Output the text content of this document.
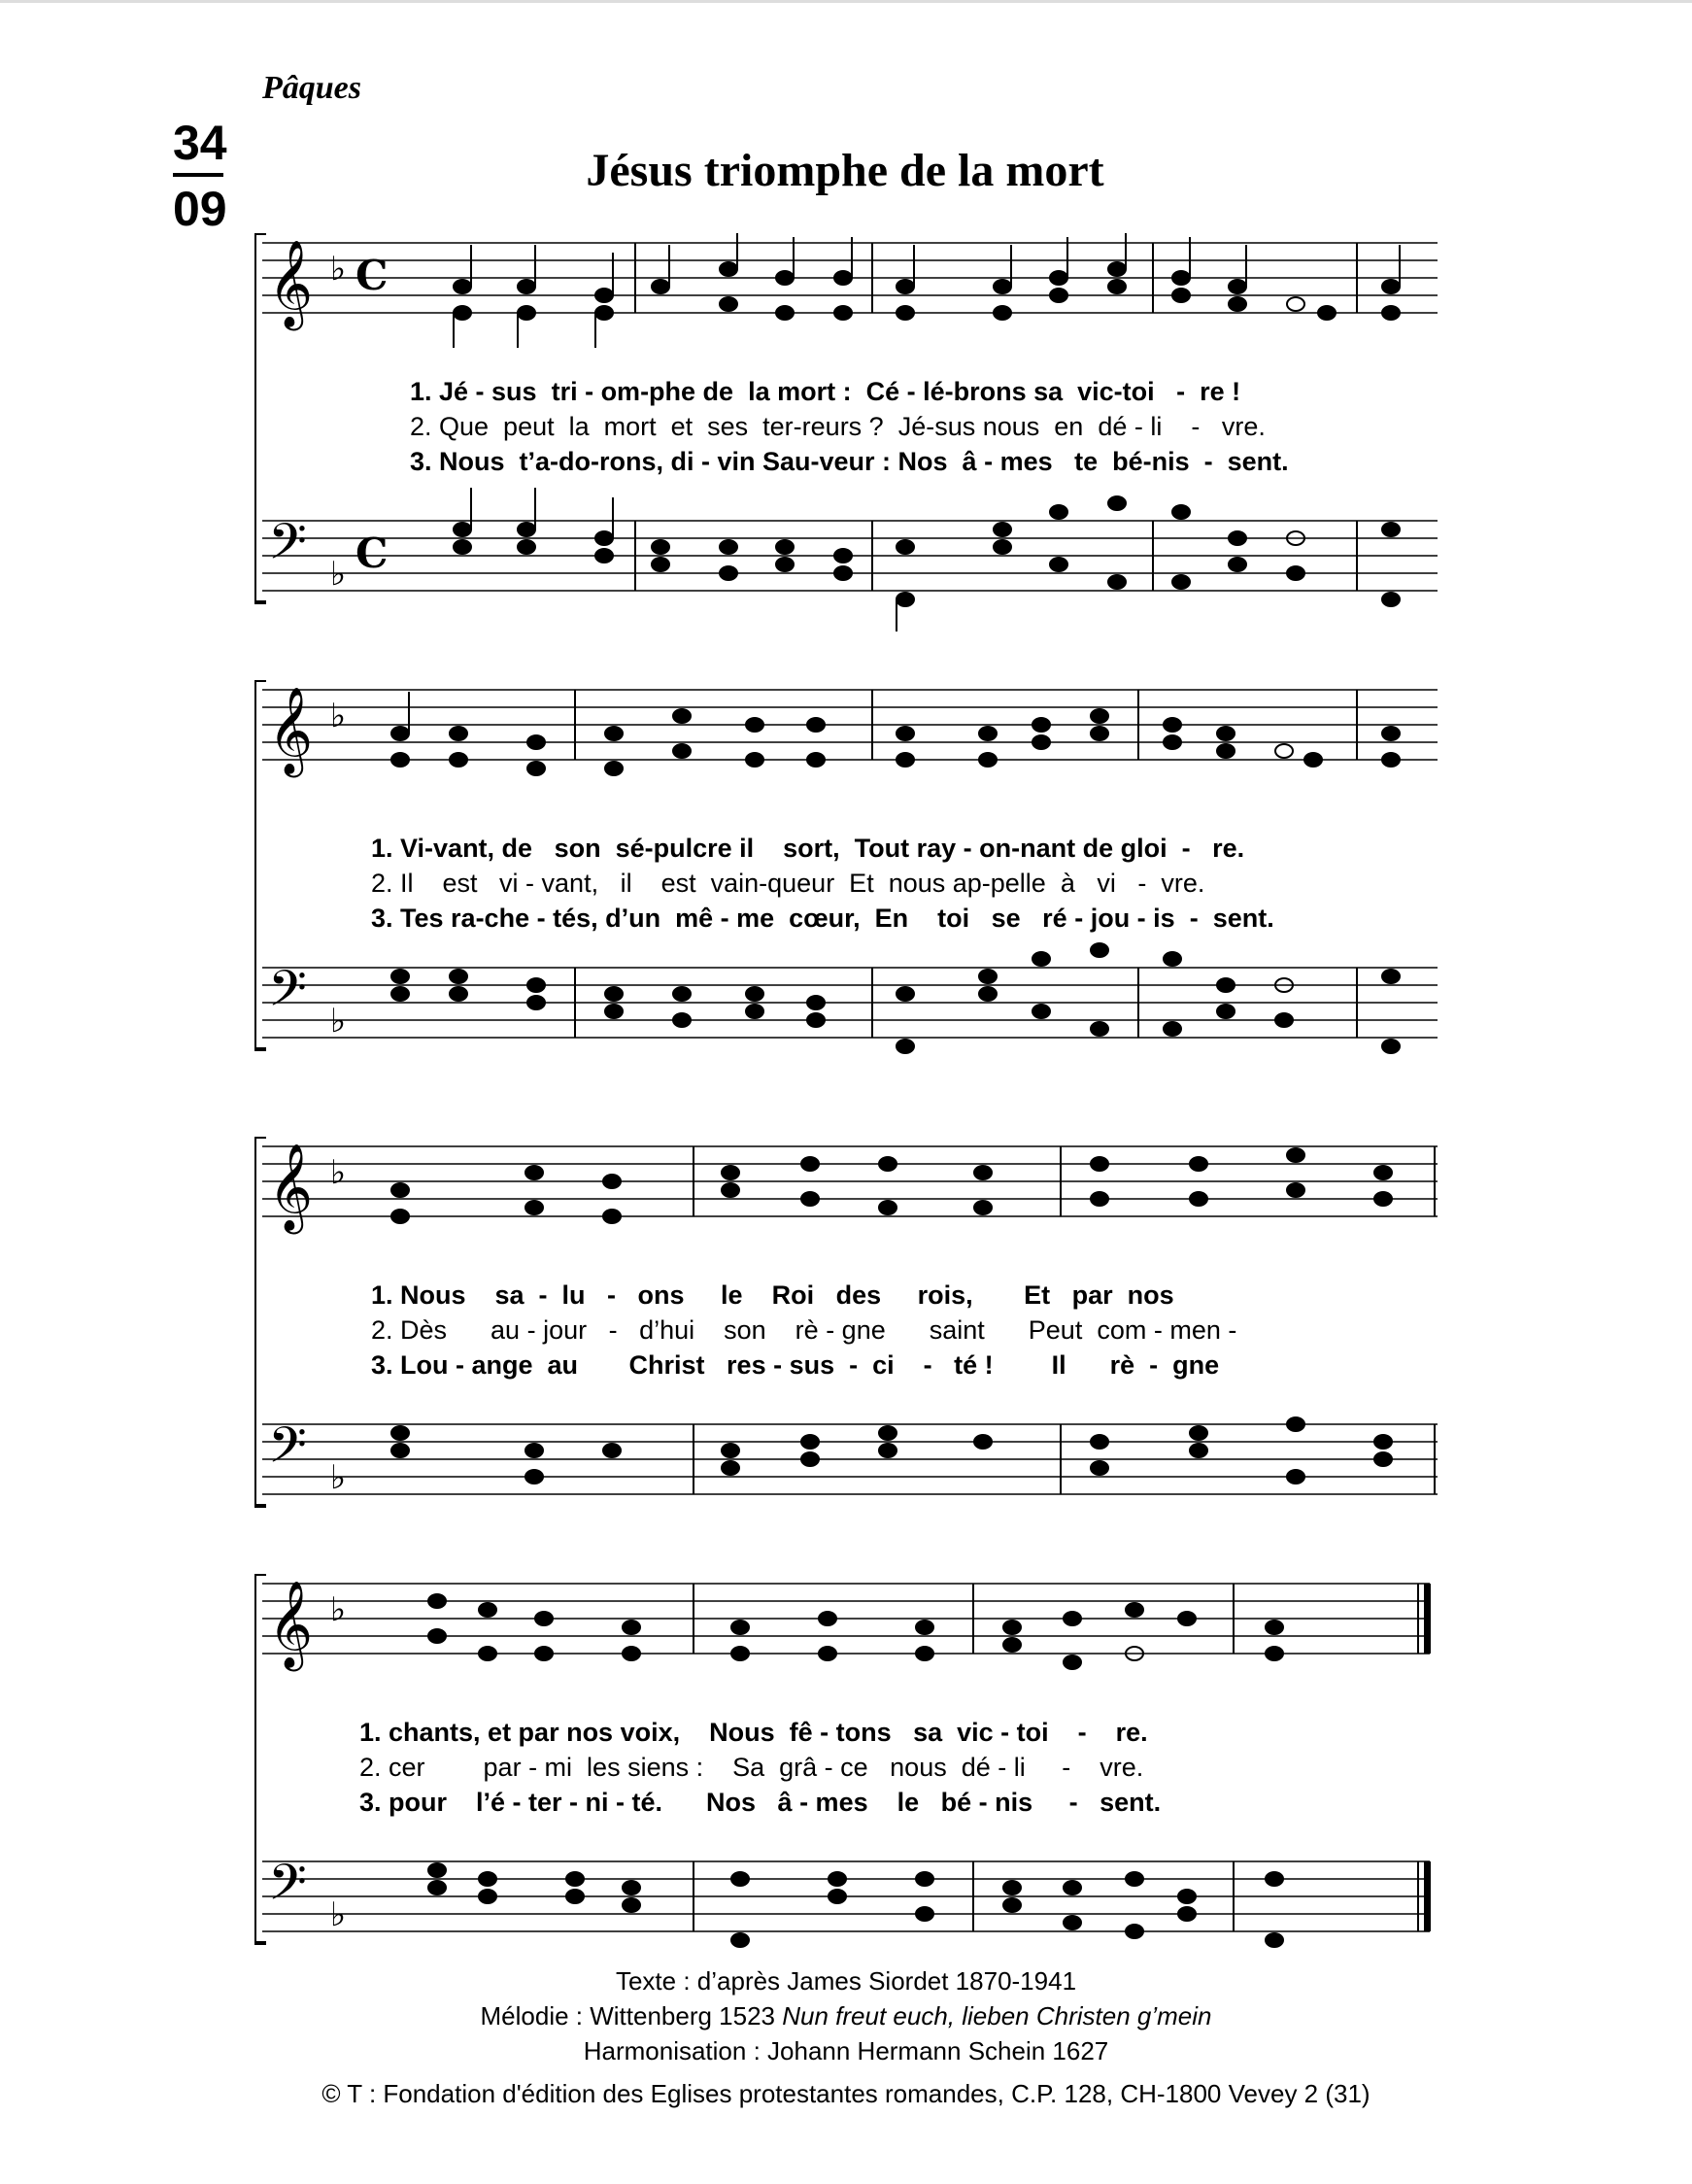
Pâques
34
09
Jésus triomphe de la mort
𝄞
𝄢
♭
♭
C
C
1. Jé - sus  tri - om-phe de  la mort :  Cé - lé-brons sa  vic-toi   -  re !
2. Que  peut  la  mort  et  ses  ter-reurs ?  Jé-sus nous  en  dé - li    -   vre.
3. Nous  t’a-do-rons, di - vin Sau-veur : Nos  â - mes   te  bé-nis  -  sent.
𝄞
𝄢
♭
♭
1. Vi-vant, de   son  sé-pulcre il    sort,  Tout ray - on-nant de gloi  -   re.
2. Il    est   vi - vant,   il    est  vain-queur  Et  nous ap-pelle  à   vi   -  vre.
3. Tes ra-che - tés, d’un  mê - me  cœur,  En    toi   se   ré - jou - is  -  sent.
𝄞
𝄢
♭
♭
1. Nous    sa  -  lu   -   ons     le    Roi   des     rois,       Et   par  nos
2. Dès      au - jour   -   d’hui    son    rè - gne      saint      Peut  com - men -
3. Lou - ange  au       Christ   res - sus  -  ci    -   té !        Il      rè  -  gne
𝄞
𝄢
♭
♭
1. chants, et par nos voix,    Nous  fê - tons   sa  vic - toi    -    re.
2. cer        par - mi  les siens :    Sa  grâ - ce   nous  dé - li     -    vre.
3. pour    l’é - ter - ni - té.      Nos   â - mes    le   bé - nis     -   sent.
Texte : d’après James Siordet 1870-1941
Mélodie : Wittenberg 1523 Nun freut euch, lieben Christen g’mein
Harmonisation : Johann Hermann Schein 1627
© T : Fondation d'édition des Eglises protestantes romandes, C.P. 128, CH-1800 Vevey 2 (31)
